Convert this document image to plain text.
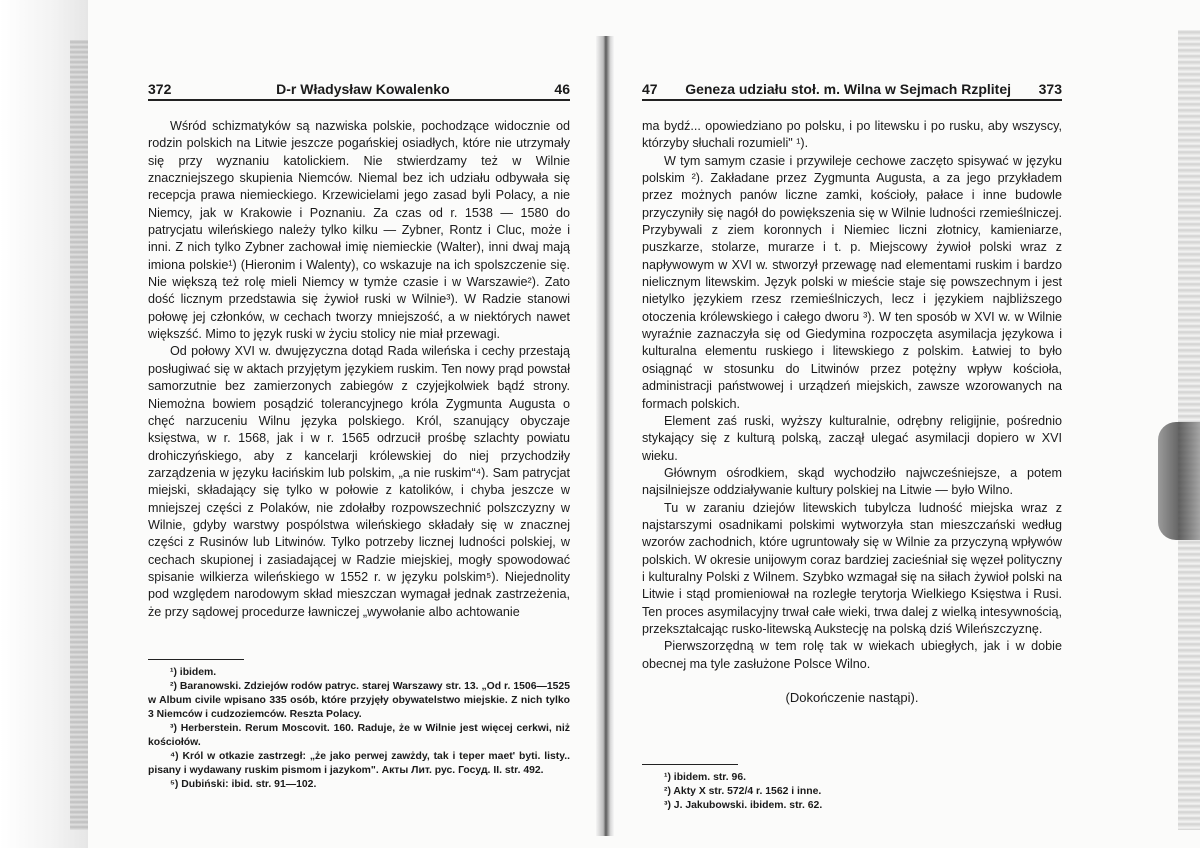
372	D-r Władysław Kowalenko	46

Wśród schizmatyków są nazwiska polskie, pochodzące widocznie od rodzin polskich na Litwie jeszcze pogańskiej osiadłych, które nie utrzymały się przy wyznaniu katolickiem. Nie stwierdzamy też w Wilnie znaczniejszego skupienia Niemców. Niemal bez ich udziału odbywała się recepcja prawa niemieckiego. Krzewicielami jego zasad byli Polacy, a nie Niemcy, jak w Krakowie i Poznaniu. Za czas od r. 1538 — 1580 do patrycjatu wileńskiego należy tylko kilku — Zybner, Rontz i Cluc, może i inni. Z nich tylko Zybner zachował imię niemieckie (Walter), inni dwaj mają imiona polskie¹) (Hieronim i Walenty), co wskazuje na ich spolszczenie się. Nie większą też rolę mieli Niemcy w tymże czasie i w Warszawie²). Zato dość licznym przedstawia się żywioł ruski w Wilnie³). W Radzie stanowi połowę jej członków, w cechach tworzy mniejszość, a w niektórych nawet większść. Mimo to język ruski w życiu stolicy nie miał przewagi.

Od połowy XVI w. dwujęzyczna dotąd Rada wileńska i cechy przestają posługiwać się w aktach przyjętym językiem ruskim. Ten nowy prąd powstał samorzutnie bez zamierzonych zabiegów z czyjejkolwiek bądź strony. Niemożna bowiem posądzić tolerancyjnego króla Zygmunta Augusta o chęć narzuceniu Wilnu języka polskiego. Król, szanujący obyczaje księstwa, w r. 1568, jak i w r. 1565 odrzucił prośbę szlachty powiatu drohiczyńskiego, aby z kancelarji królewskiej do niej przychodziły zarządzenia w języku łacińskim lub polskim, „a nie ruskim“⁴). Sam patrycjat miejski, składający się tylko w połowie z katolików, i chyba jeszcze w mniejszej części z Polaków, nie zdołałby rozpowszechnić polszczyzny w Wilnie, gdyby warstwy pospólstwa wileńskiego składały się w znacznej części z Rusinów lub Litwinów. Tylko potrzeby licznej ludności polskiej, w cechach skupionej i zasiadającej w Radzie miejskiej, mogły spowodować spisanie wilkierza wileńskiego w 1552 r. w języku polskim⁵). Niejednolity pod względem narodowym skład mieszczan wymagał jednak zastrzeżenia, że przy sądowej procedurze ławniczej „wywołanie albo achtowanie

¹) ibidem.
²) Baranowski. Zdziejów rodów patryc. starej Warszawy str. 13. „Od r. 1506—1525 w Album civile wpisano 335 osób, które przyjęły obywatelstwo miejskie. Z nich tylko 3 Niemców i cudzoziemców. Reszta Polacy.
³) Herberstein. Rerum Moscovit. 160. Raduje, że w Wilnie jest więcej cerkwi, niż kościołów.
⁴) Król w otkazie zastrzegł: „że jako perwej zawżdy, tak i teper maet' byti. listy.. pisany i wydawany ruskim pismom i jazykom". Акты Лит. рус. Госуд. II. str. 492.
⁵) Dubiński: ibid. str. 91—102.
47	Geneza udziału stoł. m. Wilna w Sejmach Rzplitej	373

ma bydź... opowiedziano po polsku, i po litewsku i po rusku, aby wszyscy, którzyby słuchali rozumieli" ¹).

W tym samym czasie i przywileje cechowe zaczęto spisywać w języku polskim ²). Zakładane przez Zygmunta Augusta, a za jego przykładem przez możnych panów liczne zamki, kościoły, pałace i inne budowle przyczyniły się nagół do powiększenia się w Wilnie ludności rzemieślniczej. Przybywali z ziem koronnych i Niemiec liczni złotnicy, kamieniarze, puszkarze, stolarze, murarze i t. p. Miejscowy żywioł polski wraz z napływowym w XVI w. stworzył przewagę nad elementami ruskim i bardzo nielicznym litewskim. Język polski w mieście staje się powszechnym i jest nietylko językiem rzesz rzemieślniczych, lecz i językiem najbliższego otoczenia królewskiego i całego dworu ³). W ten sposób w XVI w. w Wilnie wyraźnie zaznaczyła się od Giedymina rozpoczęta asymilacja językowa i kulturalna elementu ruskiego i litewskiego z polskim. Łatwiej to było osiągnąć w stosunku do Litwinów przez potężny wpływ kościoła, administracji państwowej i urządzeń miejskich, zawsze wzorowanych na formach polskich.

Element zaś ruski, wyższy kulturalnie, odrębny religijnie, pośrednio stykający się z kulturą polską, zaczął ulegać asymilacji dopiero w XVI wieku.

Głównym ośrodkiem, skąd wychodziło najwcześniejsze, a potem najsilniejsze oddziaływanie kultury polskiej na Litwie — było Wilno.

Tu w zaraniu dziejów litewskich tubylcza ludność miejska wraz z najstarszymi osadnikami polskimi wytworzyła stan mieszczański według wzorów zachodnich, które ugruntowały się w Wilnie za przyczyną wpływów polskich. W okresie unijowym coraz bardziej zacieśniał się węzeł polityczny i kulturalny Polski z Wilnem. Szybko wzmagał się na siłach żywioł polski na Litwie i stąd promieniował na rozległe terytorja Wielkiego Księstwa i Rusi. Ten proces asymilacyjny trwał całe wieki, trwa dalej z wielką intesywnością, przekształcając rusko-litewską Aukstecję na polską dziś Wileńszczyznę.

Pierwszorzędną w tem rolę tak w wiekach ubiegłych, jak i w dobie obecnej ma tyle zasłużone Polsce Wilno.

(Dokończenie nastąpi).
¹) ibidem. str. 96.
²) Akty X str. 572/4 r. 1562 i inne.
³) J. Jakubowski. ibidem. str. 62.
